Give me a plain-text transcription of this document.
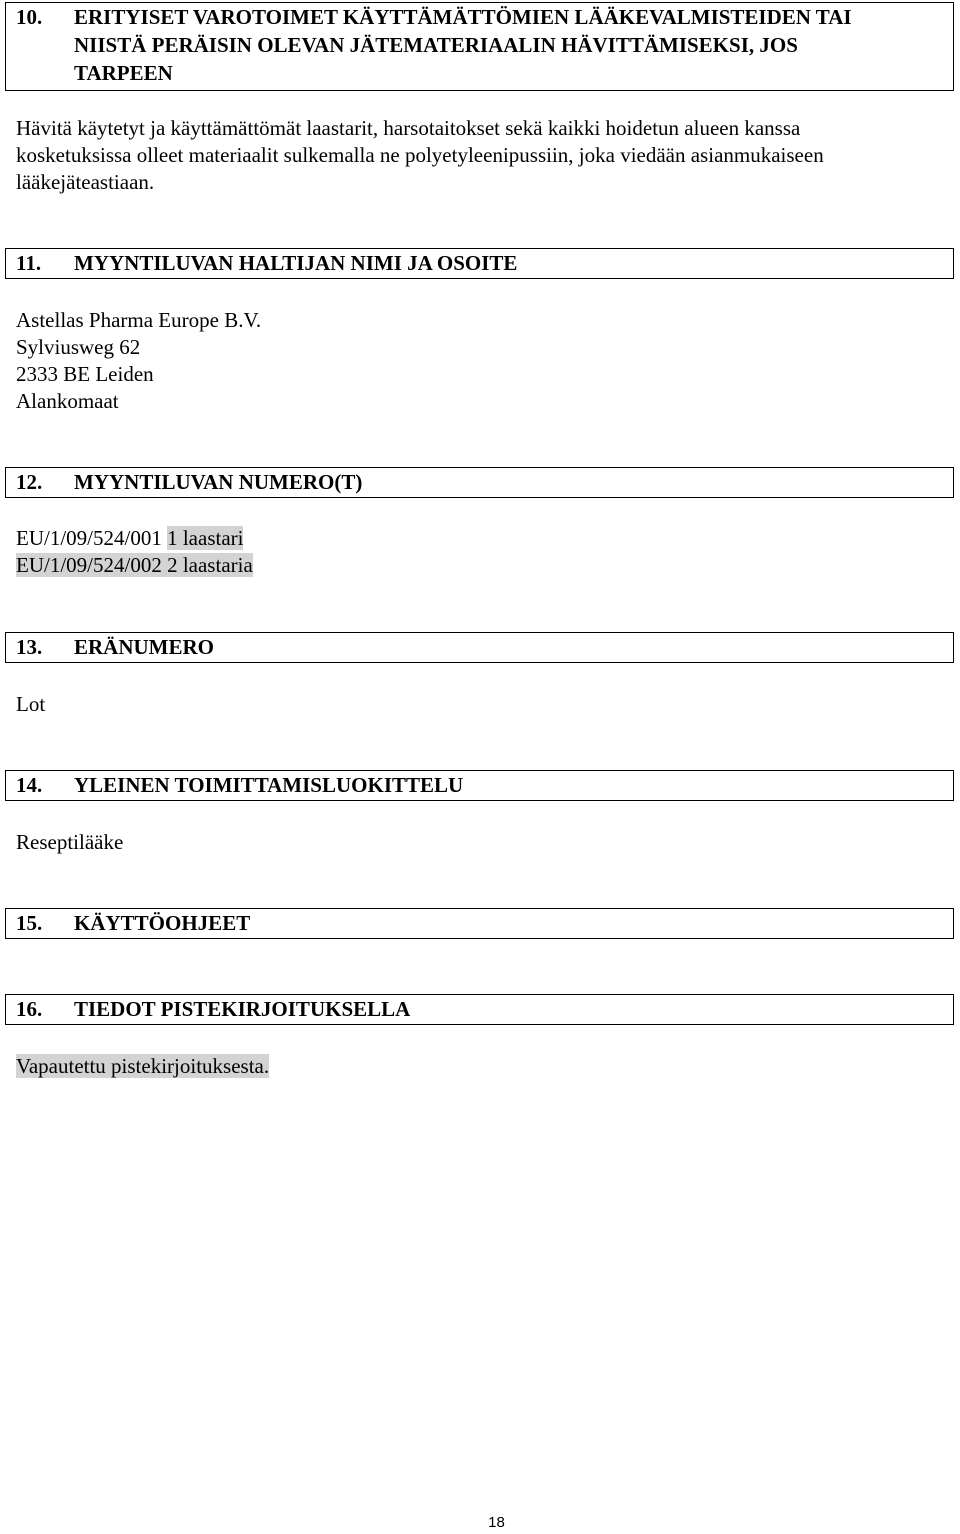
10. ERITYISET VAROTOIMET KÄYTTÄMÄTTÖMIEN LÄÄKEVALMISTEIDEN TAI
NIISTÄ PERÄISIN OLEVAN JÄTEMATERIAALIN HÄVITTÄMISEKSI, JOS
TARPEEN
Hävitä käytetyt ja käyttämättömät laastarit, harsotaitokset sekä kaikki hoidetun alueen kanssa
kosketuksissa olleet materiaalit sulkemalla ne polyetyleenipussiin, joka viedään asianmukaiseen
lääkejäteastiaan.
11. MYYNTILUVAN HALTIJAN NIMI JA OSOITE
Astellas Pharma Europe B.V.
Sylviusweg 62
2333 BE Leiden
Alankomaat
12. MYYNTILUVAN NUMERO(T)
EU/1/09/524/001 1 laastari
EU/1/09/524/002 2 laastaria
13. ERÄNUMERO
Lot
14. YLEINEN TOIMITTAMISLUOKITTELU
Reseptilääke
15. KÄYTTÖOHJEET
16. TIEDOT PISTEKIRJOITUKSELLA
Vapautettu pistekirjoituksesta.
18
